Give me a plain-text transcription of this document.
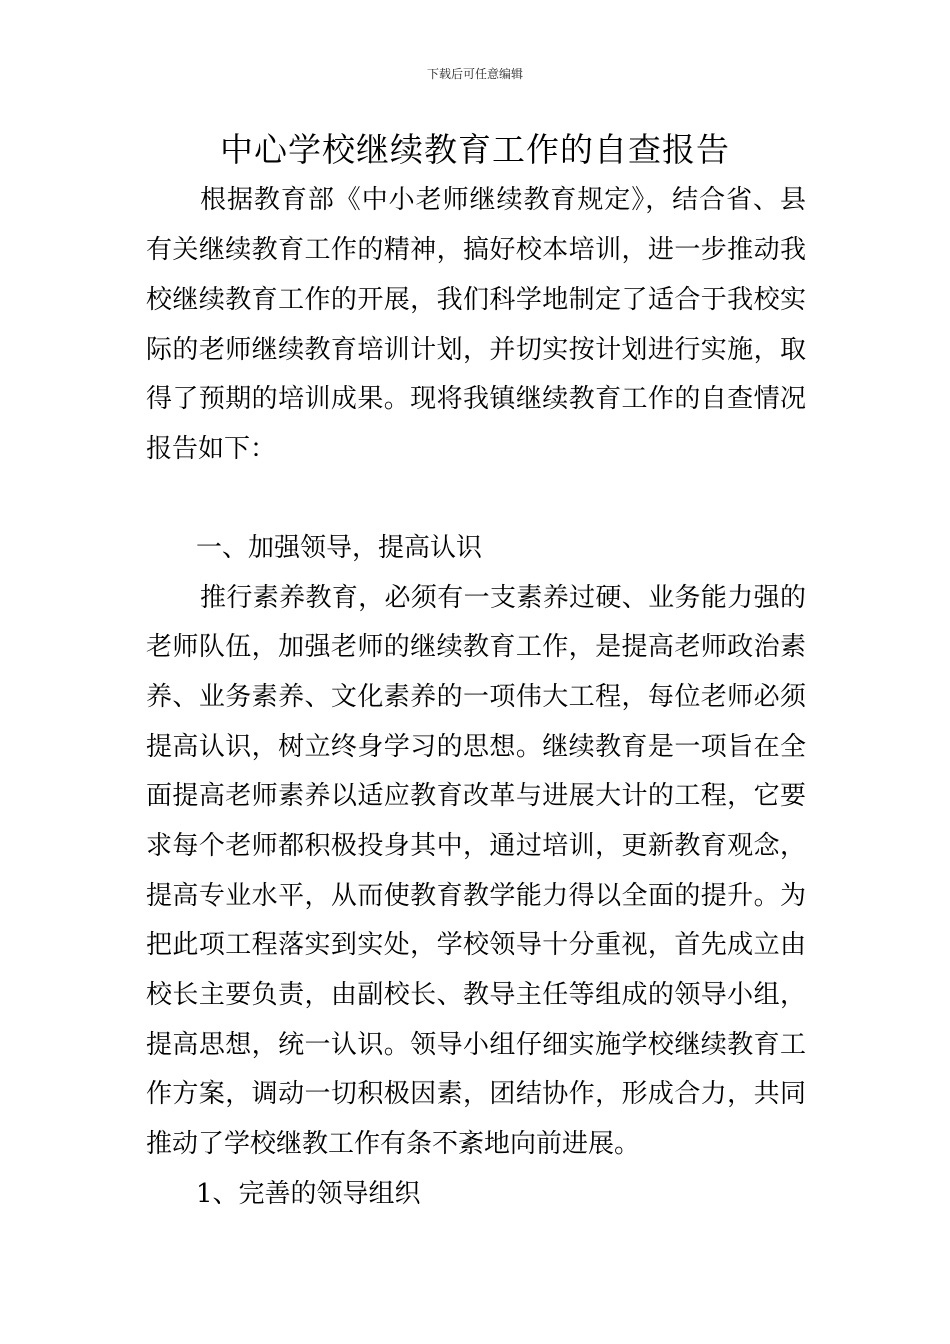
下载后可任意编辑
中心学校继续教育工作的自查报告
根据教育部《中小老师继续教育规定》，结合省、县
有关继续教育工作的精神，搞好校本培训，进一步推动我
校继续教育工作的开展，我们科学地制定了适合于我校实
际的老师继续教育培训计划，并切实按计划进行实施，取
得了预期的培训成果。现将我镇继续教育工作的自查情况
报告如下：
一、加强领导，提高认识
推行素养教育，必须有一支素养过硬、业务能力强的
老师队伍，加强老师的继续教育工作，是提高老师政治素
养、业务素养、文化素养的一项伟大工程，每位老师必须
提高认识，树立终身学习的思想。继续教育是一项旨在全
面提高老师素养以适应教育改革与进展大计的工程，它要
求每个老师都积极投身其中，通过培训，更新教育观念，
提高专业水平，从而使教育教学能力得以全面的提升。为
把此项工程落实到实处，学校领导十分重视，首先成立由
校长主要负责，由副校长、教导主任等组成的领导小组，
提高思想，统一认识。领导小组仔细实施学校继续教育工
作方案，调动一切积极因素，团结协作，形成合力，共同
推动了学校继教工作有条不紊地向前进展。
1、完善的领导组织
